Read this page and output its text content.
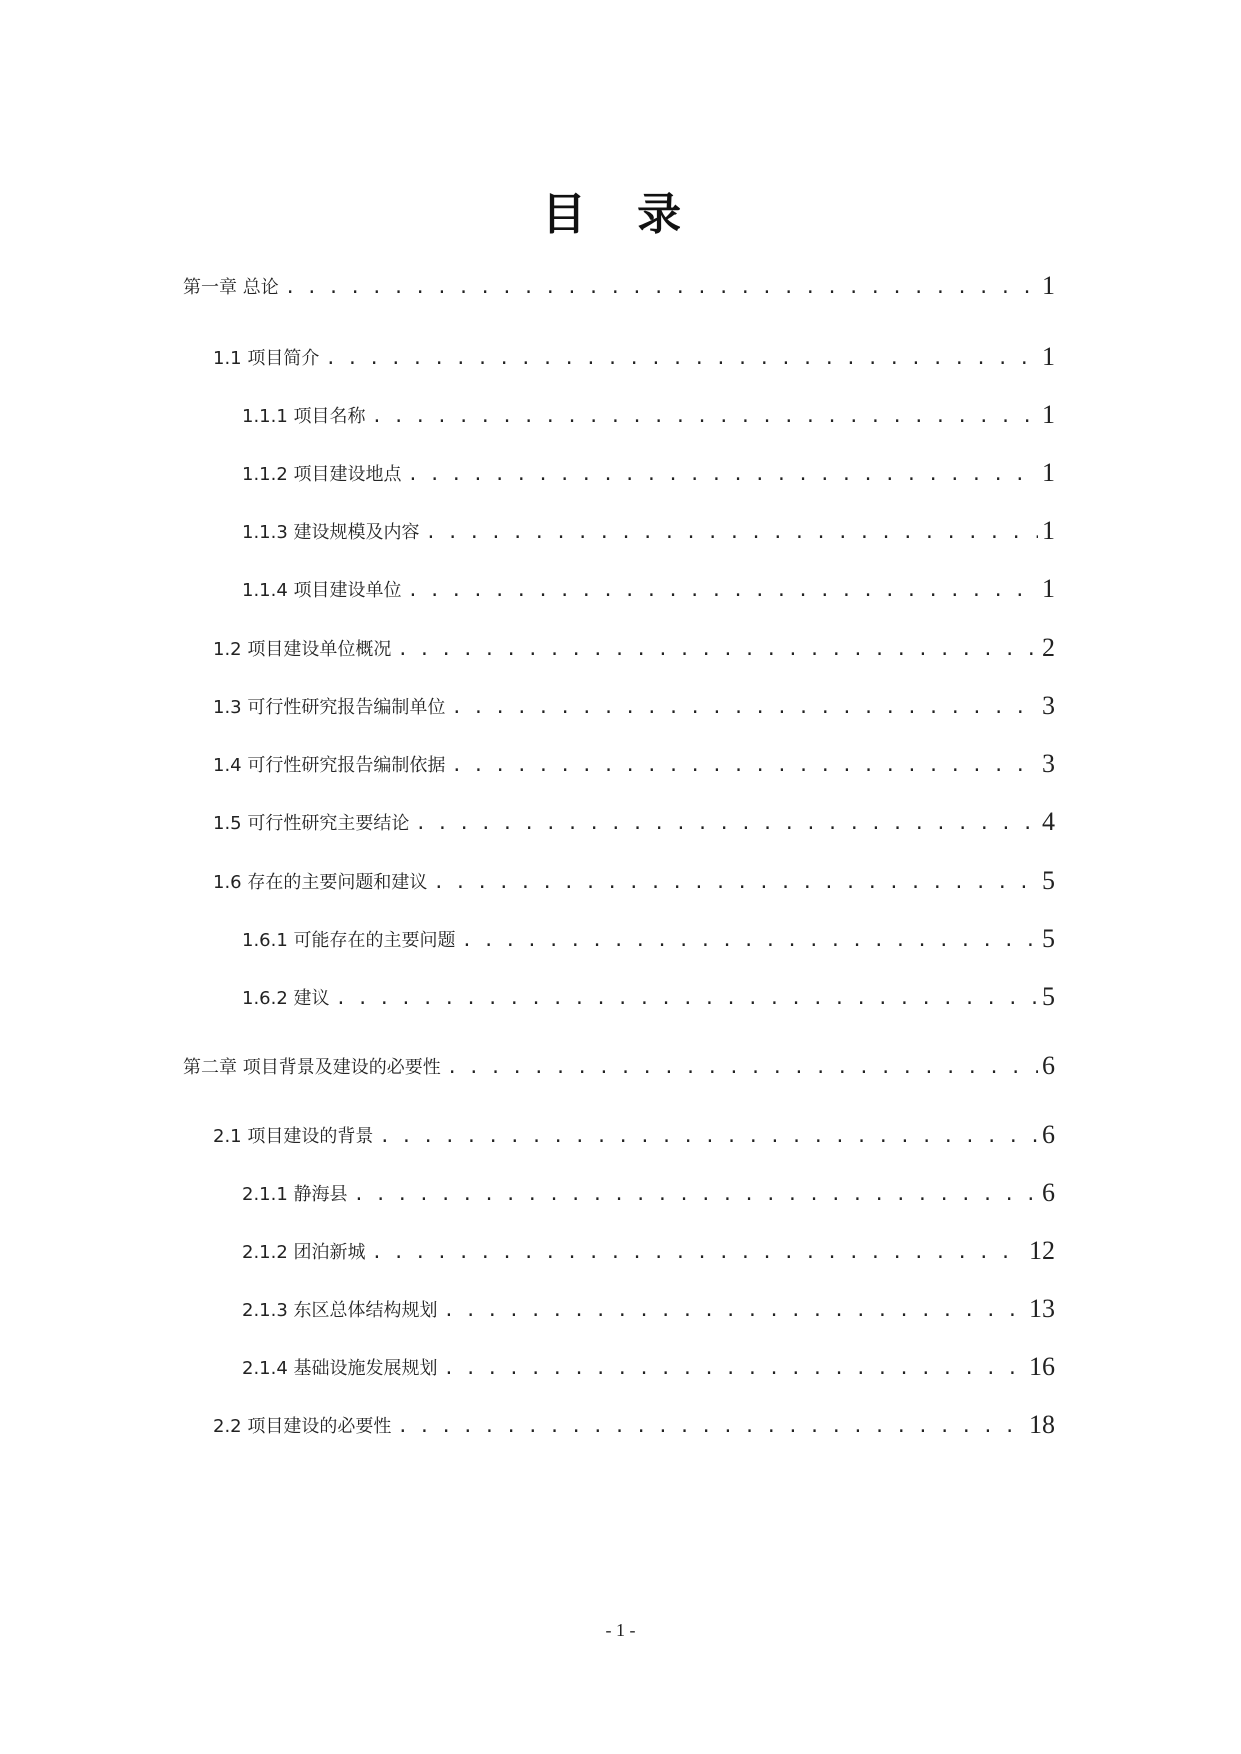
目 录
第一章 总论 . . .	1
1.1 项目简介 . . .	1
1.1.1 项目名称 . . .	1
1.1.2 项目建设地点 . . .	1
1.1.3 建设规模及内容 . . .	1
1.1.4 项目建设单位 . . .	1
1.2 项目建设单位概况 . . .	2
1.3 可行性研究报告编制单位 . . .	3
1.4 可行性研究报告编制依据 . . .	3
1.5 可行性研究主要结论 . . .	4
1.6 存在的主要问题和建议 . . .	5
1.6.1 可能存在的主要问题 . . .	5
1.6.2 建议 . . .	5
第二章 项目背景及建设的必要性 . . .	6
2.1 项目建设的背景 . . .	6
2.1.1 静海县 . . .	6
2.1.2 团泊新城 . . .	12
2.1.3 东区总体结构规划 . . .	13
2.1.4 基础设施发展规划 . . .	16
2.2 项目建设的必要性 . . .	18
- 1 -
